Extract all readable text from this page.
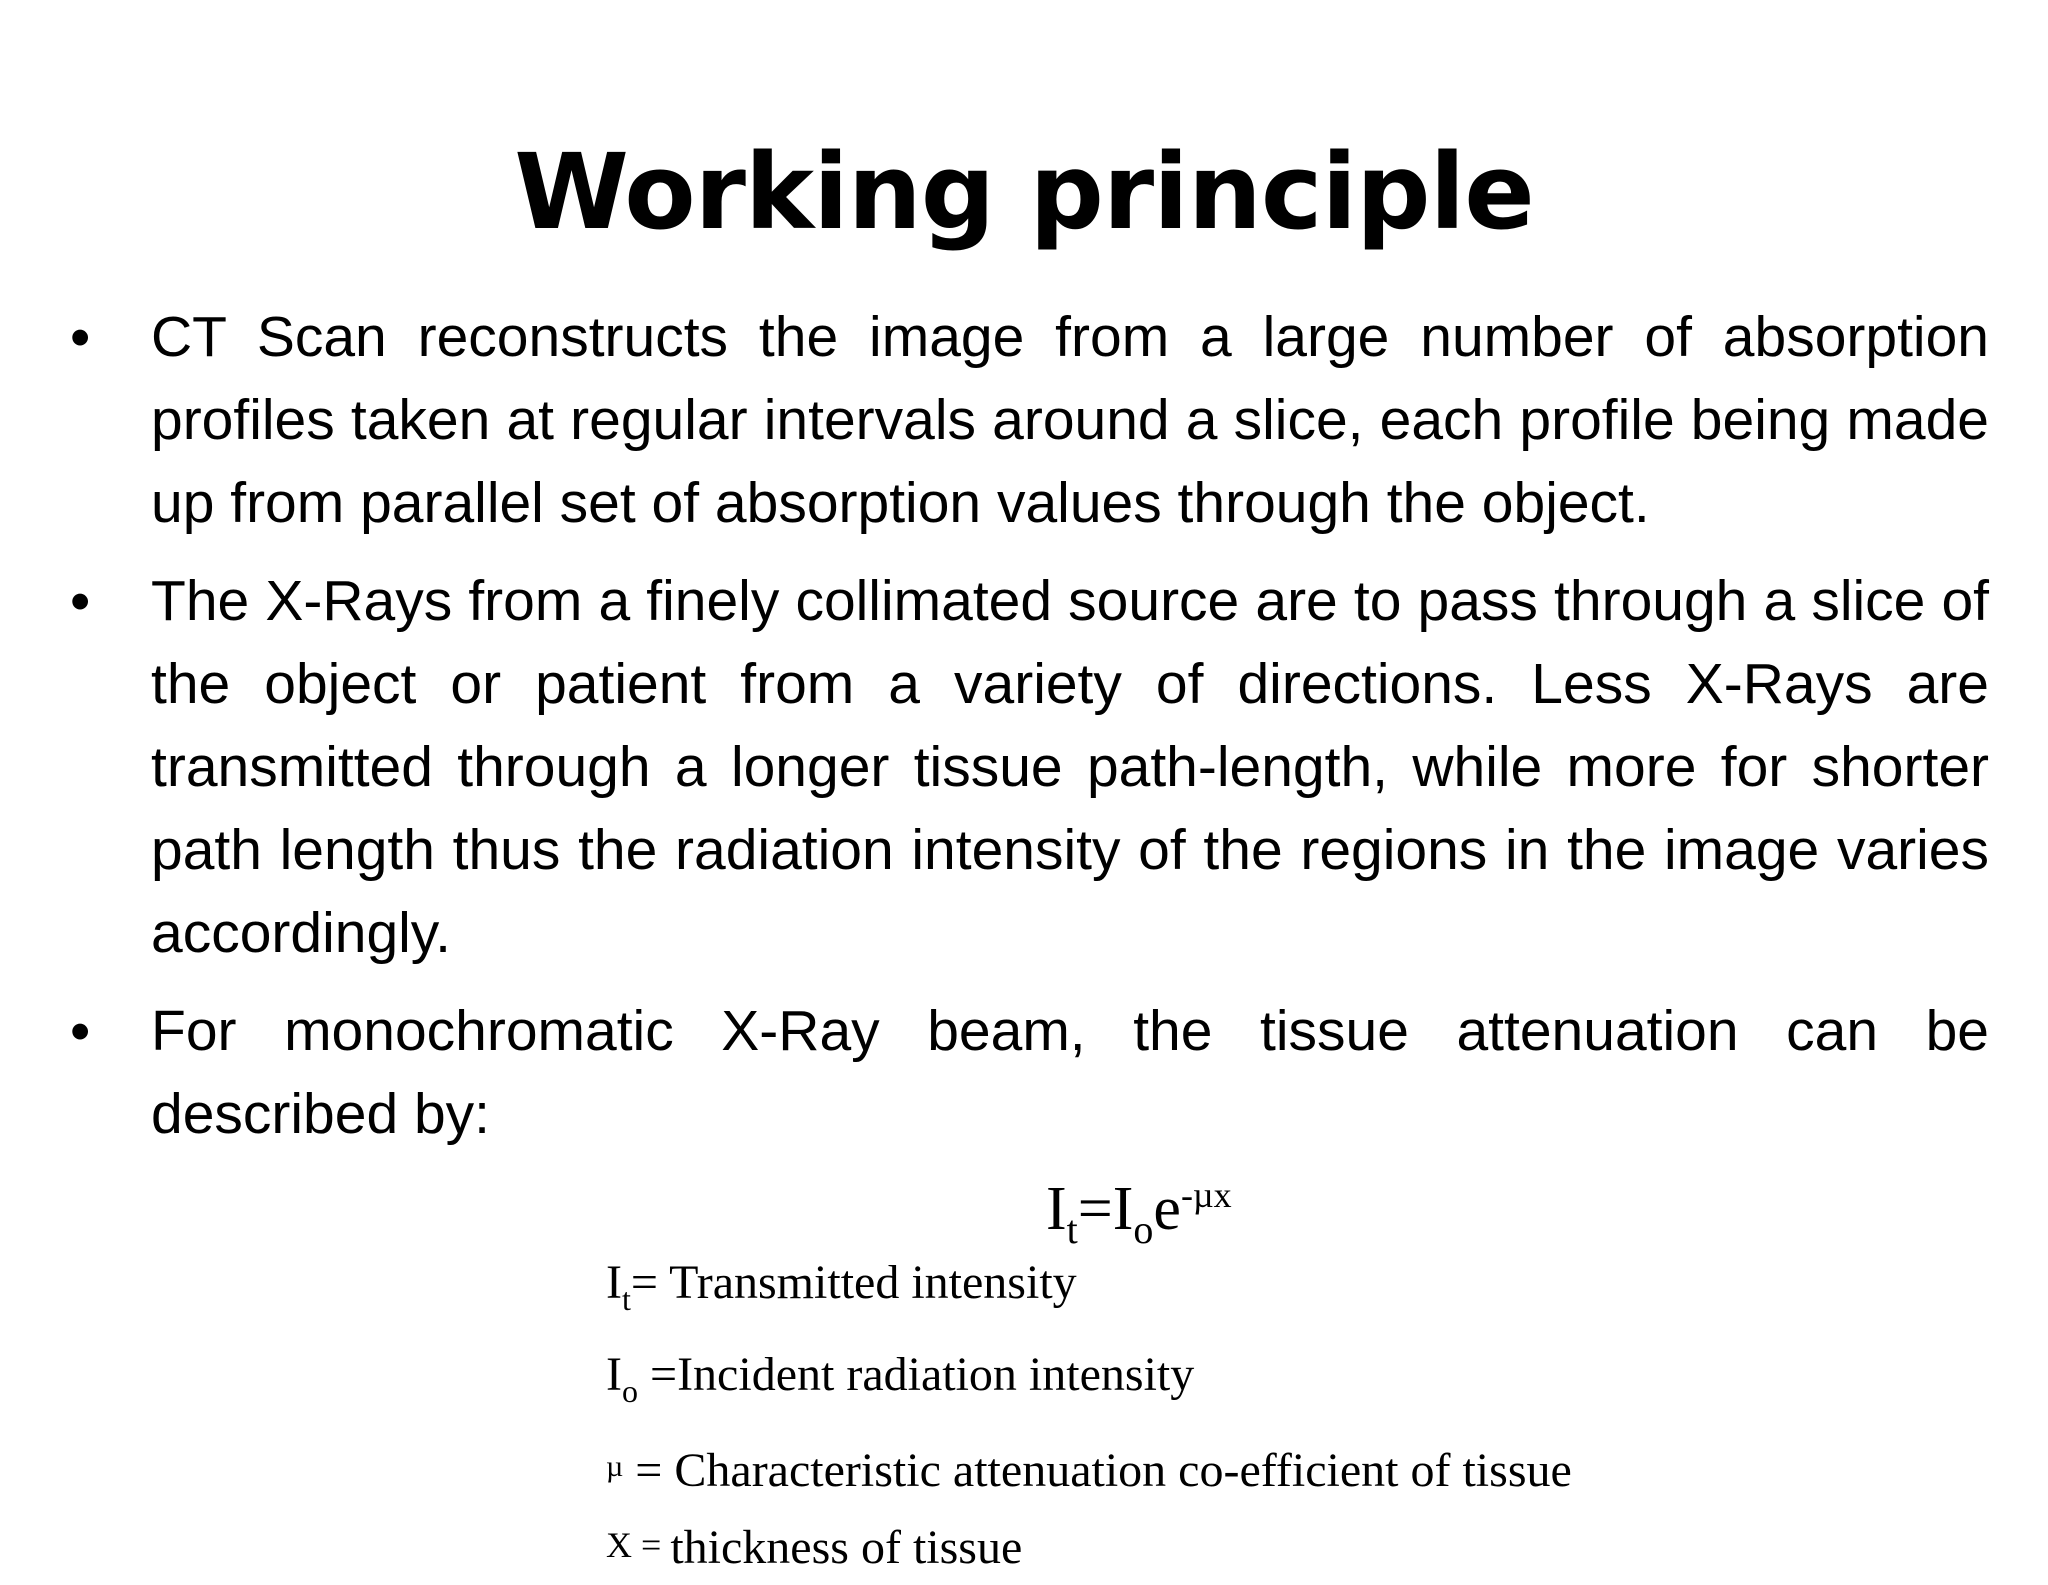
Working principle
• CT Scan reconstructs the image from a large number of absorption profiles taken at regular intervals around a slice, each profile being made up from parallel set of absorption values through the object.
• The X-Rays from a finely collimated source are to pass through a slice of the object or patient from a variety of directions. Less X-Rays are transmitted through a longer tissue path-length, while more for shorter path length thus the radiation intensity of the regions in the image varies accordingly.
• For monochromatic X-Ray beam, the tissue attenuation can be described by:
$I_t=I_oe^{-\mu x}$
$I_t=$ Transmitted intensity
$I_o$ =Incident radiation intensity
$^\mu$ = Characteristic attenuation co-efficient of tissue
X = thickness of tissue
